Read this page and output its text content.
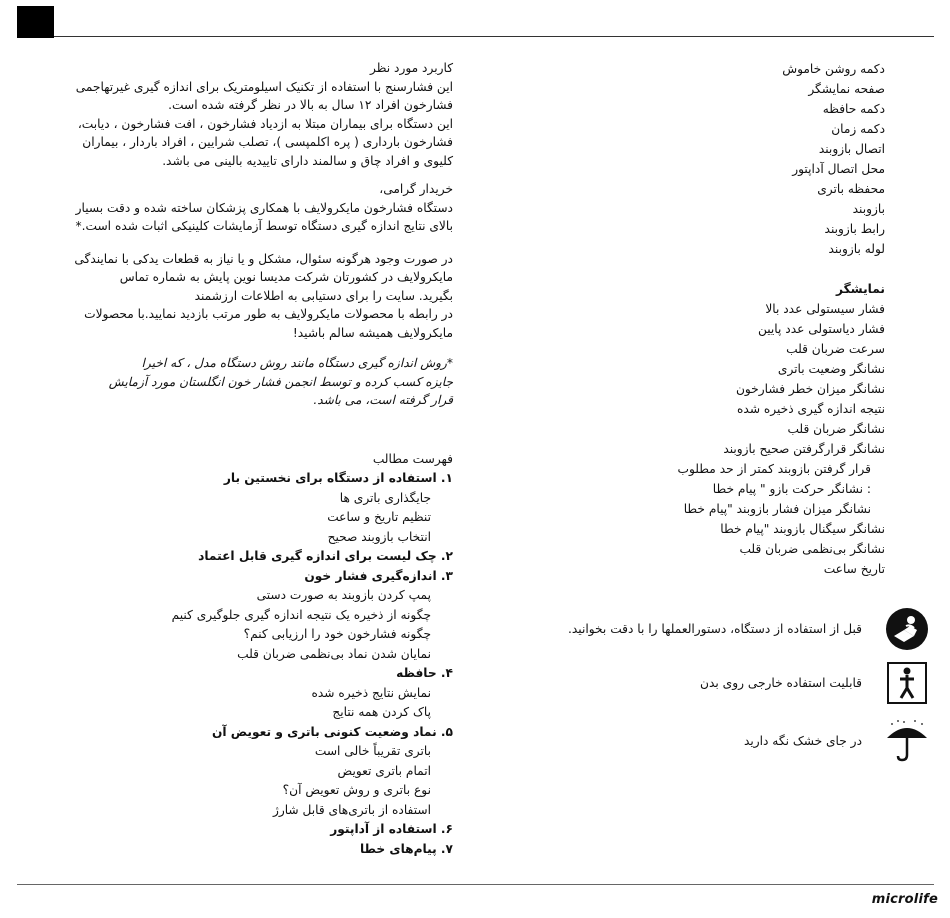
دکمه روشن خاموش
صفحه نمایشگر
دکمه حافظه
دکمه زمان
اتصال بازوبند
محل اتصال آداپتور
محفظه باتری
بازوبند
رابط بازوبند
لوله بازوبند
نمایشگر
فشار سیستولی عدد بالا
فشار دیاستولی عدد پایین
سرعت ضربان قلب
نشانگر وضعیت باتری
نشانگر میزان خطر فشارخون
نتیجه اندازه گیری ذخیره شده
نشانگر ضربان قلب
نشانگر قرارگرفتن صحیح بازوبند
قرار گرفتن بازوبند کمتر از حد مطلوب
: نشانگر حرکت بازو " پیام خطا
نشانگر میزان فشار بازوبند "پیام خطا
نشانگر سیگنال بازوبند "پیام خطا
نشانگر بی‌نظمی ضربان قلب
تاریخ ساعت
قبل از استفاده از دستگاه، دستورالعملها را با دقت بخوانید.
قابلیت استفاده خارجی روی بدن
در جای خشک نگه دارید
کاربرد مورد نظر
این فشارسنج با استفاده از تکنیک اسیلومتریک برای اندازه گیری غیرتهاجمی
فشارخون افراد ۱۲ سال به بالا در نظر گرفته شده است.
این دستگاه برای بیماران مبتلا به ازدیاد فشارخون ، افت فشارخون ، دیابت،
فشارخون بارداری ( پره اکلمپسی )، تصلب شرایین ، افراد باردار ، بیماران
کلیوی و افراد چاق و سالمند دارای تاییدیه بالینی می باشد.
خریدار گرامی،
دستگاه فشارخون مایکرولایف با همکاری پزشکان ساخته شده و دقت بسیار
بالای نتایج اندازه گیری دستگاه توسط آزمایشات کلینیکی اثبات شده است.*
در صورت وجود هرگونه سئوال، مشکل و یا نیاز به قطعات یدکی با نمایندگی
مایکرولایف در کشورتان شرکت مدیسا نوین پایش به شماره تماس
بگیرید. سایت را برای دستیابی به اطلاعات ارزشمند
در رابطه با محصولات مایکرولایف به طور مرتب بازدید نمایید.با محصولات
مایکرولایف همیشه سالم باشید!
*روش اندازه گیری دستگاه مانند روش دستگاه مدل ، که اخیرا
جایزه کسب کرده و توسط انجمن فشار خون انگلستان مورد آزمایش
قرار گرفته است، می باشد.
فهرست مطالب
۱. استفاده از دستگاه برای نخستین بار
جایگذاری باتری ها
تنظیم تاریخ و ساعت
انتخاب بازوبند صحیح
۲. چک لیست برای اندازه گیری قابل اعتماد
۳. اندازه‌گیری فشار خون
پمپ کردن بازوبند به صورت دستی
چگونه از ذخیره یک نتیجه اندازه گیری جلوگیری کنیم
چگونه فشارخون خود را ارزیابی کنم؟
نمایان شدن نماد بی‌نظمی ضربان قلب
۴. حافظه
نمایش نتایج ذخیره شده
پاک کردن همه نتایج
۵. نماد وضعیت کنونی باتری و تعویض آن
باتری تقریباً خالی است
اتمام باتری تعویض
نوع باتری و روش تعویض آن؟
استفاده از باتری‌های قابل شارژ
۶. استفاده از آداپتور
۷. پیام‌های خطا
microlife
